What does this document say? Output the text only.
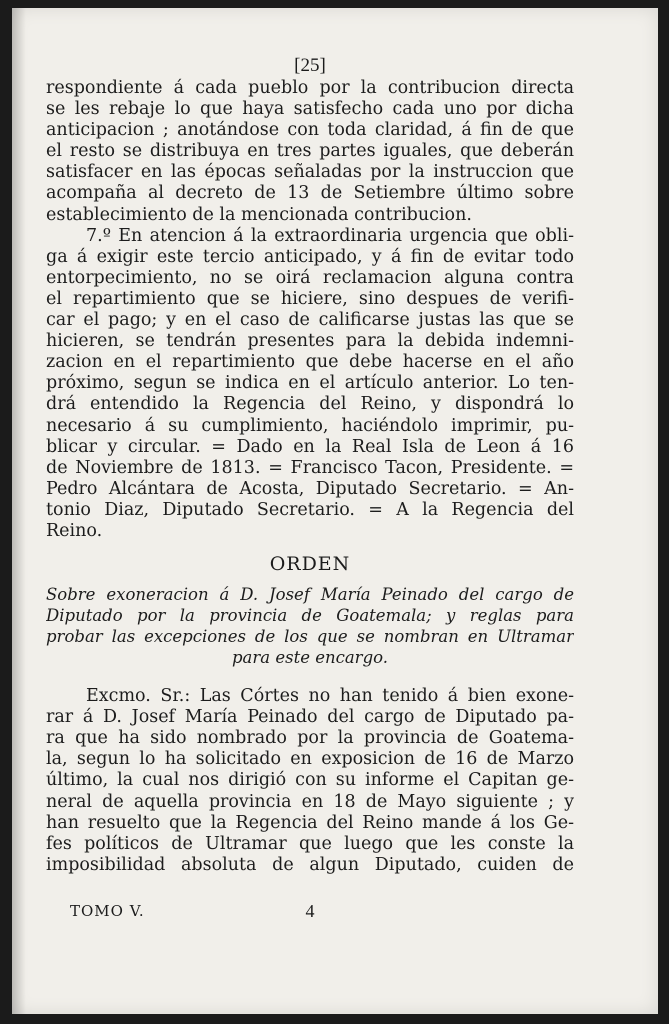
[25]

respondiente á cada pueblo por la contribucion directa
se les rebaje lo que haya satisfecho cada uno por dicha
anticipacion ; anotándose con toda claridad, á fin de que
el resto se distribuya en tres partes iguales, que deberán
satisfacer en las épocas señaladas por la instruccion que
acompaña al decreto de 13 de Setiembre último sobre
establecimiento de la mencionada contribucion.
7.º En atencion á la extraordinaria urgencia que obli-
ga á exigir este tercio anticipado, y á fin de evitar todo
entorpecimiento, no se oirá reclamacion alguna contra
el repartimiento que se hiciere, sino despues de verifi-
car el pago; y en el caso de calificarse justas las que se
hicieren, se tendrán presentes para la debida indemni-
zacion en el repartimiento que debe hacerse en el año
próximo, segun se indica en el artículo anterior. Lo ten-
drá entendido la Regencia del Reino, y dispondrá lo
necesario á su cumplimiento, haciéndolo imprimir, pu-
blicar y circular. = Dado en la Real Isla de Leon á 16
de Noviembre de 1813. = Francisco Tacon, Presidente. =
Pedro Alcántara de Acosta, Diputado Secretario. = An-
tonio Diaz, Diputado Secretario. = A la Regencia del
Reino.
ORDEN
Sobre exoneracion á D. Josef María Peinado del cargo de
Diputado por la provincia de Goatemala; y reglas para
probar las excepciones de los que se nombran en Ultramar
para este encargo.
Excmo. Sr.: Las Córtes no han tenido á bien exone-
rar á D. Josef María Peinado del cargo de Diputado pa-
ra que ha sido nombrado por la provincia de Goatema-
la, segun lo ha solicitado en exposicion de 16 de Marzo
último, la cual nos dirigió con su informe el Capitan ge-
neral de aquella provincia en 18 de Mayo siguiente ; y
han resuelto que la Regencia del Reino mande á los Ge-
fes políticos de Ultramar que luego que les conste la
imposibilidad absoluta de algun Diputado, cuiden de
TOMO V.	4
